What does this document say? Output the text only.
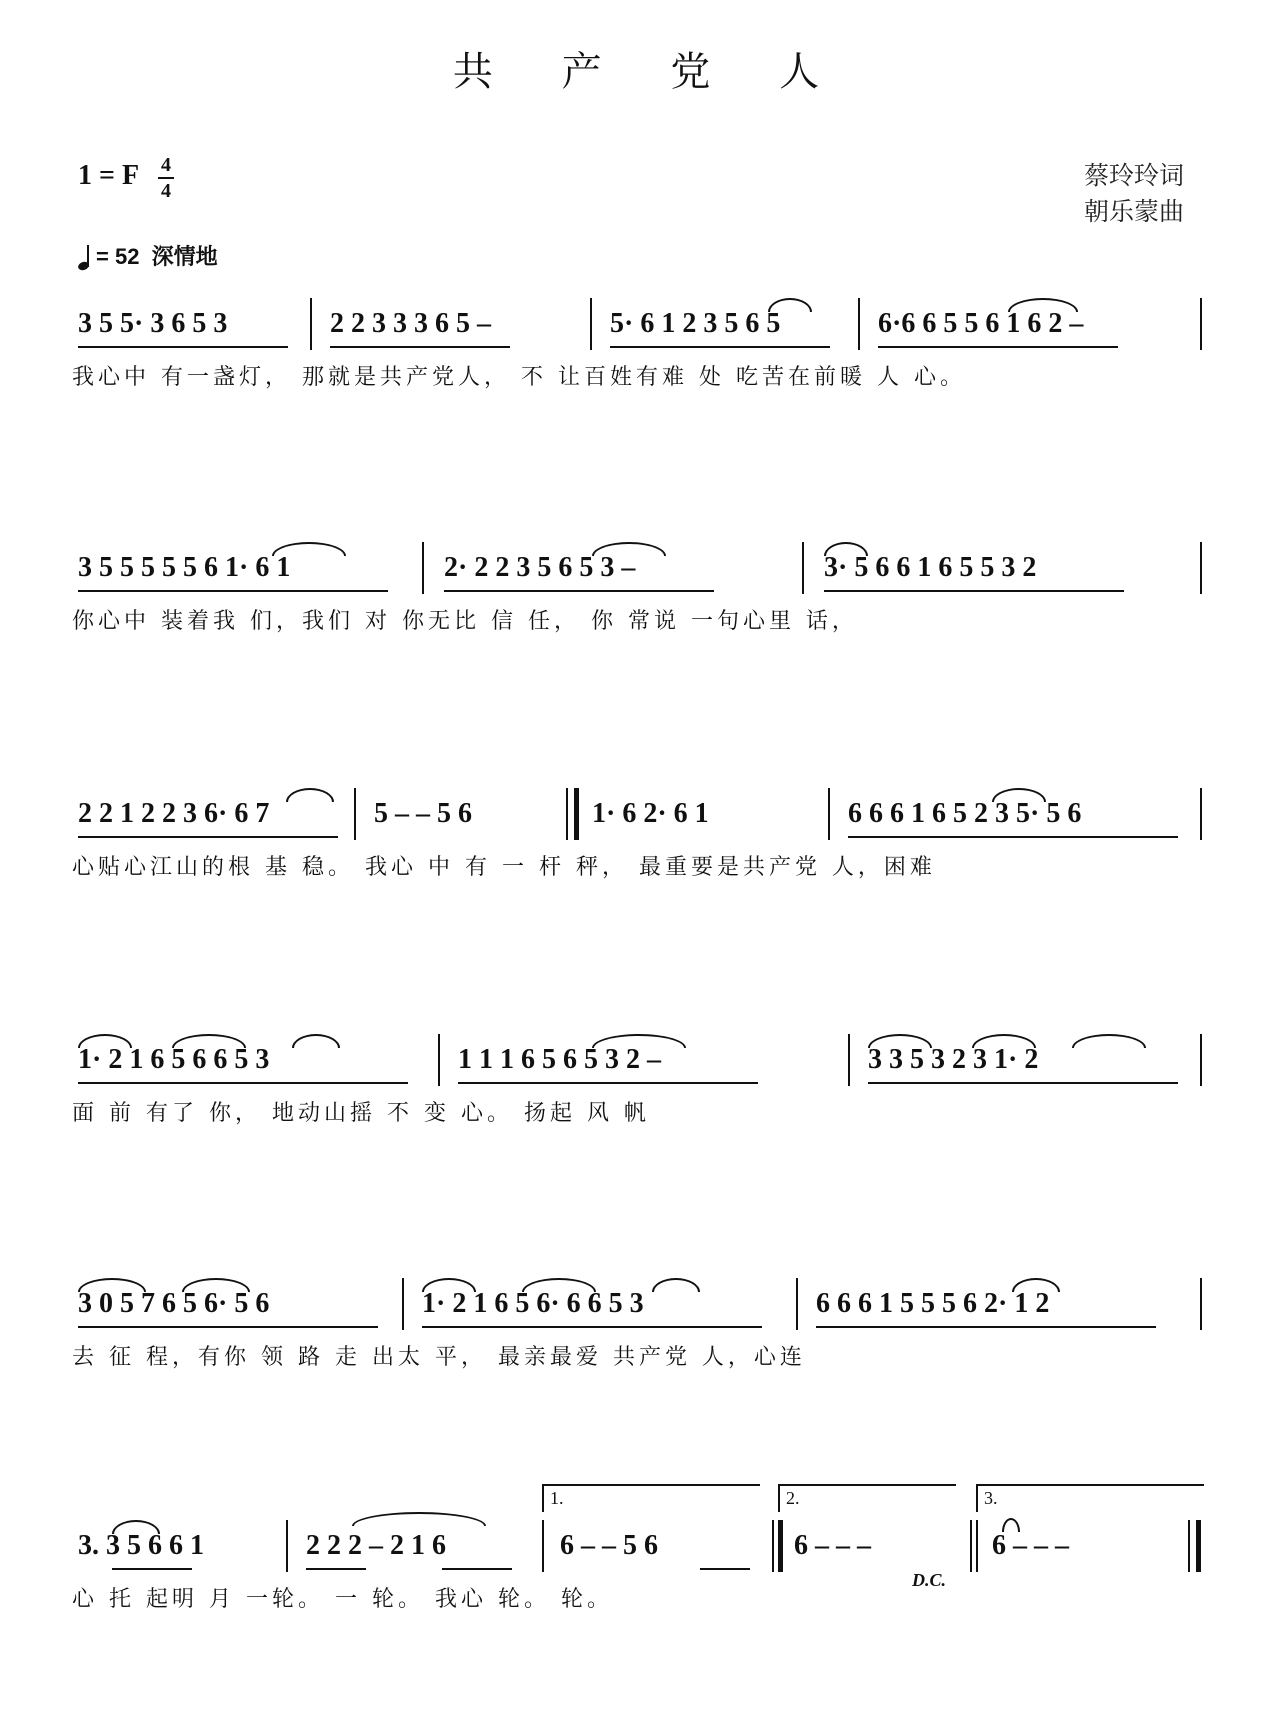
共 产 党 人
1 = F 4
4
蔡玲玲词
朝乐蒙曲
= 52 深情地
3 5 5· 3 6 5 3	2 2 3 3 3 6 5 –	5· 6 1 2 3 5 6 5	6·6 6 5 5 6 1 6 2 –
我心中 有一盏灯， 那就是共产党人， 不 让百姓有难 处 吃苦在前暖 人 心。
3 5 5 5 5 5 6 1· 6 1	2· 2 2 3 5 6 5 3 –	3· 5 6 6 1 6 5 5 3 2
你心中 装着我 们，我们 对 你无比 信 任， 你 常说 一句心里 话，
2 2 1 2 2 3 6· 6 7	5 – – 5 6	1· 6 2· 6 1	6 6 6 1 6 5 2 3 5· 5 6
心贴心江山的根 基 稳。 我心 中 有 一 杆 秤， 最重要是共产党 人，困难
1· 2 1 6 5 6 6 5 3	1 1 1 6 5 6 5 3 2 –	3 3 5 3 2 3 1· 2
面 前 有了 你， 地动山摇 不 变 心。 扬起 风 帆
3 0 5 7 6 5 6· 5 6	1· 2 1 6 5 6· 6 6 5 3	6 6 6 1 5 5 5 6 2· 1 2
去 征 程，有你 领 路 走 出太 平， 最亲最爱 共产党 人，心连
1.	2.	3.
3. 3 5 6 6 1	2 2 2 – 2 1 6	6 – – 5 6	6 – – –	6 – – –
D.C.
心 托 起明 月 一轮。 一 轮。 我心 轮。 轮。
